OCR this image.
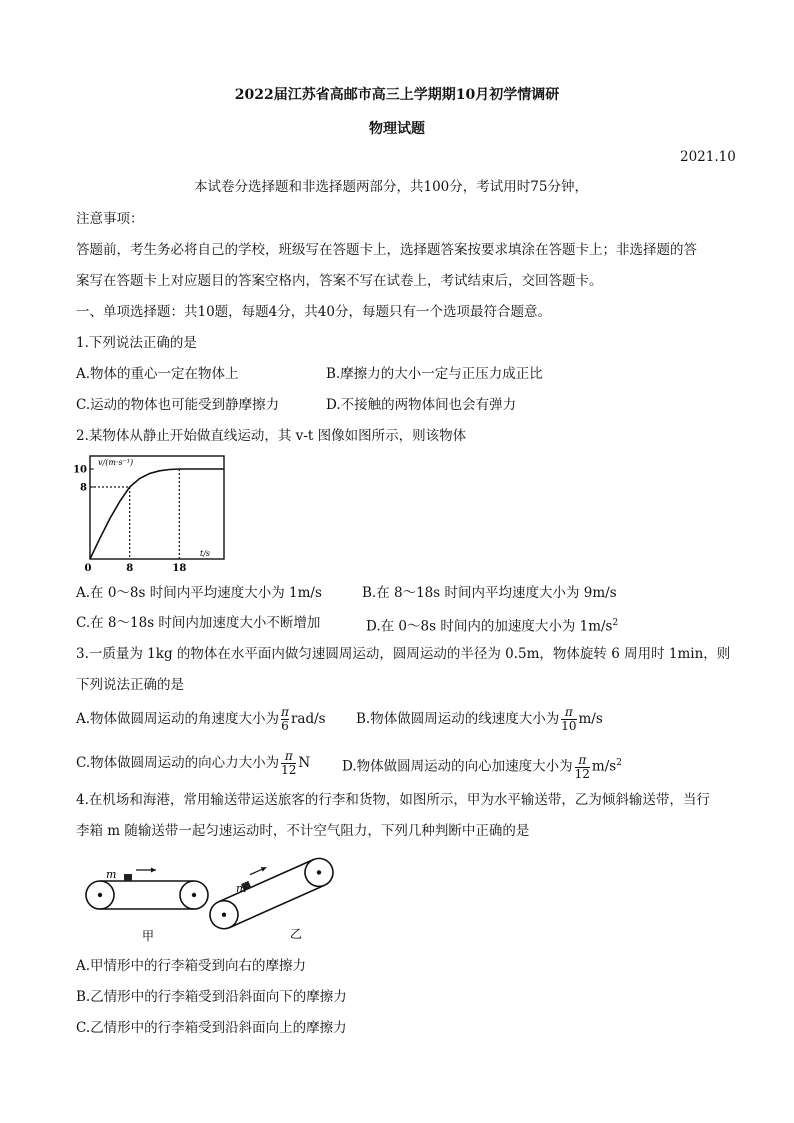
2022届江苏省高邮市高三上学期期10月初学情调研
物理试题
2021.10
本试卷分选择题和非选择题两部分，共100分，考试用时75分钟，
注意事项：
答题前，考生务必将自己的学校，班级写在答题卡上，选择题答案按要求填涂在答题卡上；非选择题的答
案写在答题卡上对应题目的答案空格内，答案不写在试卷上，考试结束后，交回答题卡。
一、单项选择题：共10题，每题4分，共40分，每题只有一个选项最符合题意。
1.下列说法正确的是
A.物体的重心一定在物体上	B.摩擦力的大小一定与正压力成正比
C.运动的物体也可能受到静摩擦力	D.不接触的两物体间也会有弹力
2.某物体从静止开始做直线运动，其 v-t 图像如图所示，则该物体
v/(m·s⁻¹)
t/s
8
10
0	8	18
A.在 0～8s 时间内平均速度大小为 1m/s	B.在 8～18s 时间内平均速度大小为 9m/s
C.在 8～18s 时间内加速度大小不断增加	D.在 0～8s 时间内的加速度大小为 $1m/s^2$
3.一质量为 1kg 的物体在水平面内做匀速圆周运动，圆周运动的半径为 0.5m，物体旋转 6 周用时 1min，则
下列说法正确的是
A.物体做圆周运动的角速度大小为 $\frac{\pi}{6} rad/s$ B.物体做圆周运动的线速度大小为 $\frac{\pi}{10} m/s$
C.物体做圆周运动的向心力大小为 $\frac{\pi}{12}$ N D.物体做圆周运动的向心加速度大小为 $\frac{\pi}{12} m/s^2$
4.在机场和海港，常用输送带运送旅客的行李和货物，如图所示，甲为水平输送带，乙为倾斜输送带，当行
李箱 m 随输送带一起匀速运动时，不计空气阻力，下列几种判断中正确的是
m
甲
m
乙
A.甲情形中的行李箱受到向右的摩擦力
B.乙情形中的行李箱受到沿斜面向下的摩擦力
C.乙情形中的行李箱受到沿斜面向上的摩擦力
